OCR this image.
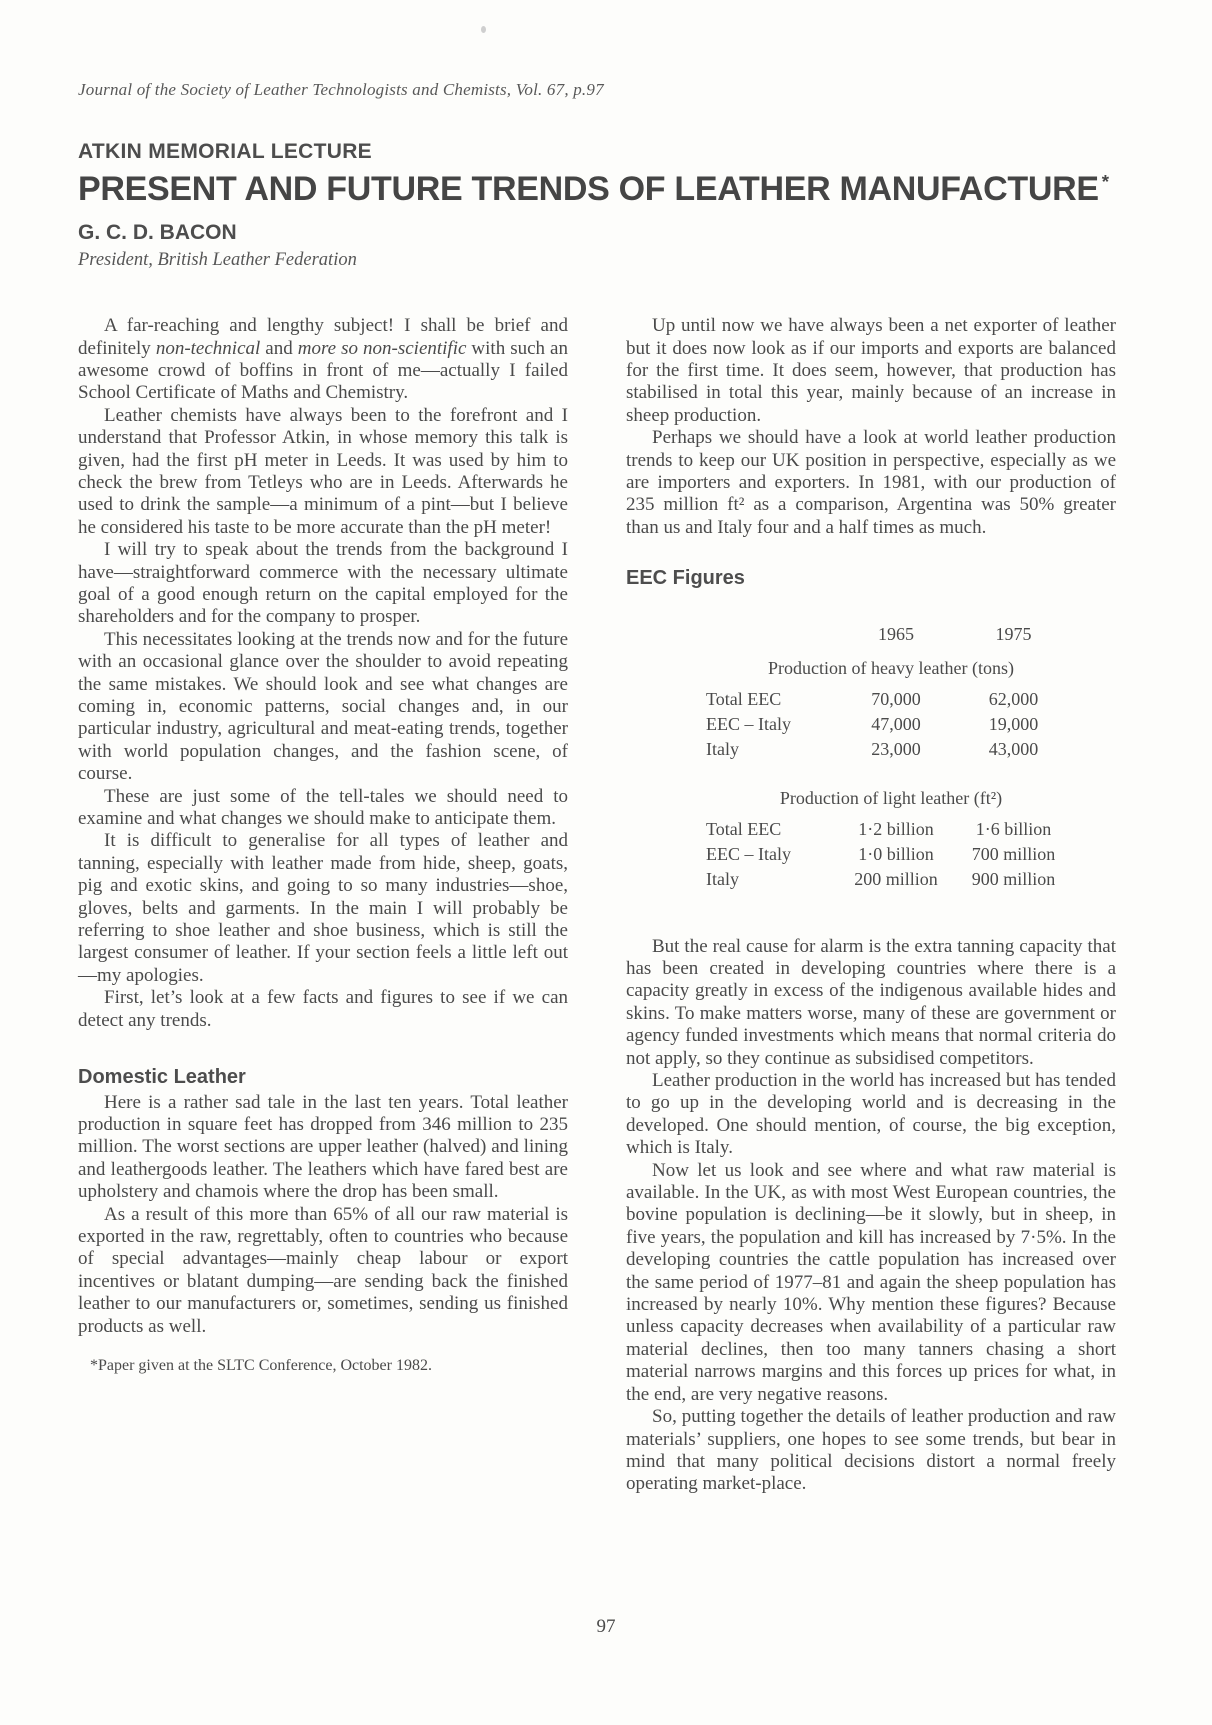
Journal of the Society of Leather Technologists and Chemists, Vol. 67, p.97
ATKIN MEMORIAL LECTURE
PRESENT AND FUTURE TRENDS OF LEATHER MANUFACTURE *
G. C. D. BACON
President, British Leather Federation

A far-reaching and lengthy subject! I shall be brief and definitely non-technical and more so non-scientific with such an awesome crowd of boffins in front of me—actually I failed School Certificate of Maths and Chemistry.

Leather chemists have always been to the forefront and I understand that Professor Atkin, in whose memory this talk is given, had the first pH meter in Leeds. It was used by him to check the brew from Tetleys who are in Leeds. Afterwards he used to drink the sample—a minimum of a pint—but I believe he considered his taste to be more accurate than the pH meter!

I will try to speak about the trends from the background I have—straightforward commerce with the necessary ultimate goal of a good enough return on the capital employed for the shareholders and for the company to prosper.

This necessitates looking at the trends now and for the future with an occasional glance over the shoulder to avoid repeating the same mistakes. We should look and see what changes are coming in, economic patterns, social changes and, in our particular industry, agricultural and meat-eating trends, together with world population changes, and the fashion scene, of course.

These are just some of the tell-tales we should need to examine and what changes we should make to anticipate them.

It is difficult to generalise for all types of leather and tanning, especially with leather made from hide, sheep, goats, pig and exotic skins, and going to so many industries—shoe, gloves, belts and garments. In the main I will probably be referring to shoe leather and shoe business, which is still the largest consumer of leather. If your section feels a little left out—my apologies.

First, let’s look at a few facts and figures to see if we can detect any trends.

Domestic Leather

Here is a rather sad tale in the last ten years. Total leather production in square feet has dropped from 346 million to 235 million. The worst sections are upper leather (halved) and lining and leathergoods leather. The leathers which have fared best are upholstery and chamois where the drop has been small.

As a result of this more than 65% of all our raw material is exported in the raw, regrettably, often to countries who because of special advantages—mainly cheap labour or export incentives or blatant dumping—are sending back the finished leather to our manufacturers or, sometimes, sending us finished products as well.

*Paper given at the SLTC Conference, October 1982.

Up until now we have always been a net exporter of leather but it does now look as if our imports and exports are balanced for the first time. It does seem, however, that production has stabilised in total this year, mainly because of an increase in sheep production.

Perhaps we should have a look at world leather production trends to keep our UK position in perspective, especially as we are importers and exporters. In 1981, with our production of 235 million ft² as a comparison, Argentina was 50% greater than us and Italy four and a half times as much.

EEC Figures
1965	1975
Production of heavy leather (tons)
Total EEC	70,000	62,000
EEC – Italy	47,000	19,000
Italy	23,000	43,000
Production of light leather (ft²)
Total EEC	1·2 billion	1·6 billion
EEC – Italy	1·0 billion	700 million
Italy	200 million	900 million

But the real cause for alarm is the extra tanning capacity that has been created in developing countries where there is a capacity greatly in excess of the indigenous available hides and skins. To make matters worse, many of these are government or agency funded investments which means that normal criteria do not apply, so they continue as subsidised competitors.

Leather production in the world has increased but has tended to go up in the developing world and is decreasing in the developed. One should mention, of course, the big exception, which is Italy.

Now let us look and see where and what raw material is available. In the UK, as with most West European countries, the bovine population is declining—be it slowly, but in sheep, in five years, the population and kill has increased by 7·5%. In the developing countries the cattle population has increased over the same period of 1977–81 and again the sheep population has increased by nearly 10%. Why mention these figures? Because unless capacity decreases when availability of a particular raw material declines, then too many tanners chasing a short material narrows margins and this forces up prices for what, in the end, are very negative reasons.

So, putting together the details of leather production and raw materials’ suppliers, one hopes to see some trends, but bear in mind that many political decisions distort a normal freely operating market-place.

97
